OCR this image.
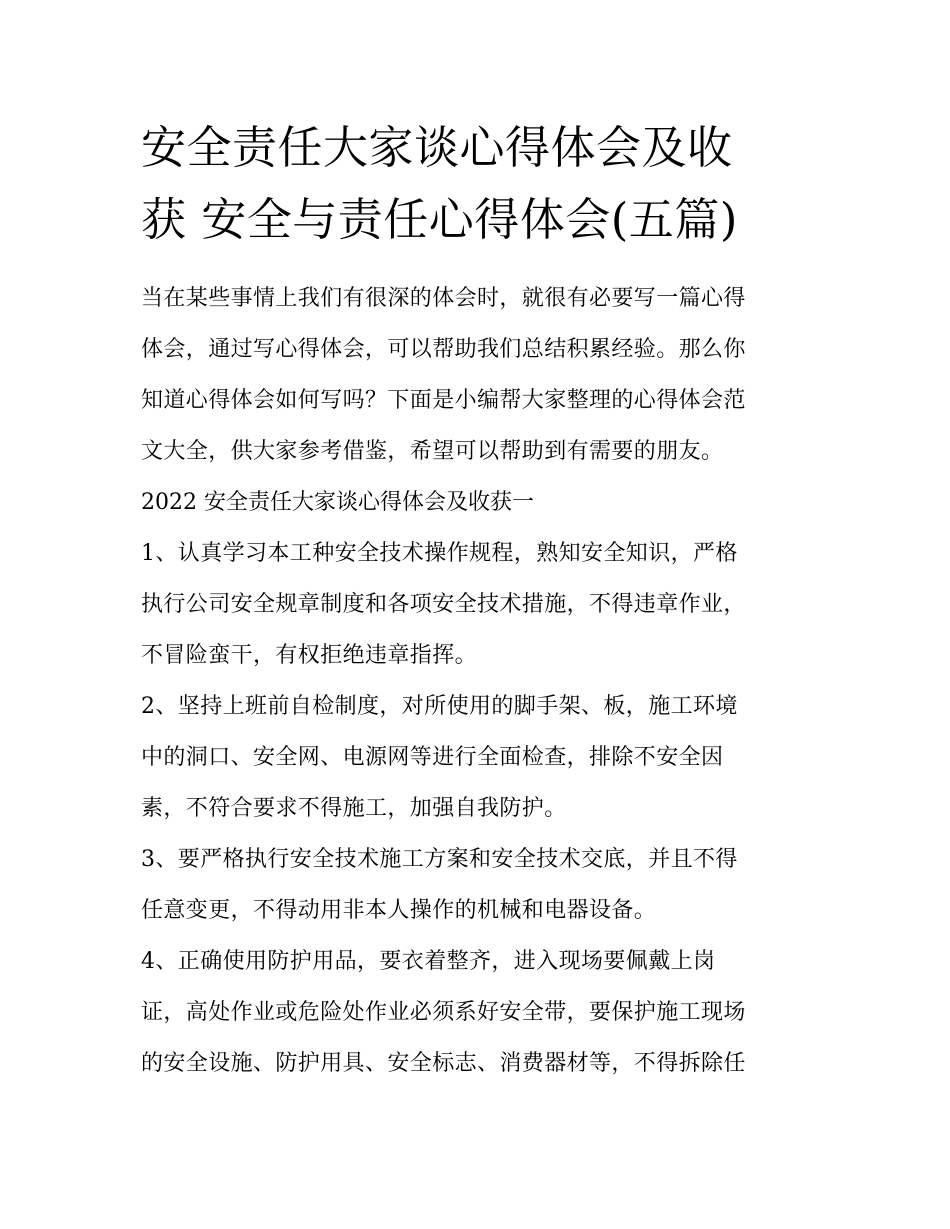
安全责任大家谈心得体会及收
获 安全与责任心得体会(五篇)

当在某些事情上我们有很深的体会时，就很有必要写一篇心得

体会，通过写心得体会，可以帮助我们总结积累经验。那么你

知道心得体会如何写吗？下面是小编帮大家整理的心得体会范

文大全，供大家参考借鉴，希望可以帮助到有需要的朋友。

2022 安全责任大家谈心得体会及收获一

1、认真学习本工种安全技术操作规程，熟知安全知识，严格

执行公司安全规章制度和各项安全技术措施，不得违章作业，

不冒险蛮干，有权拒绝违章指挥。

2、坚持上班前自检制度，对所使用的脚手架、板，施工环境

中的洞口、安全网、电源网等进行全面检查，排除不安全因

素，不符合要求不得施工，加强自我防护。

3、要严格执行安全技术施工方案和安全技术交底，并且不得

任意变更，不得动用非本人操作的机械和电器设备。

4、正确使用防护用品，要衣着整齐，进入现场要佩戴上岗

证，高处作业或危险处作业必须系好安全带，要保护施工现场

的安全设施、防护用具、安全标志、消费器材等，不得拆除任
